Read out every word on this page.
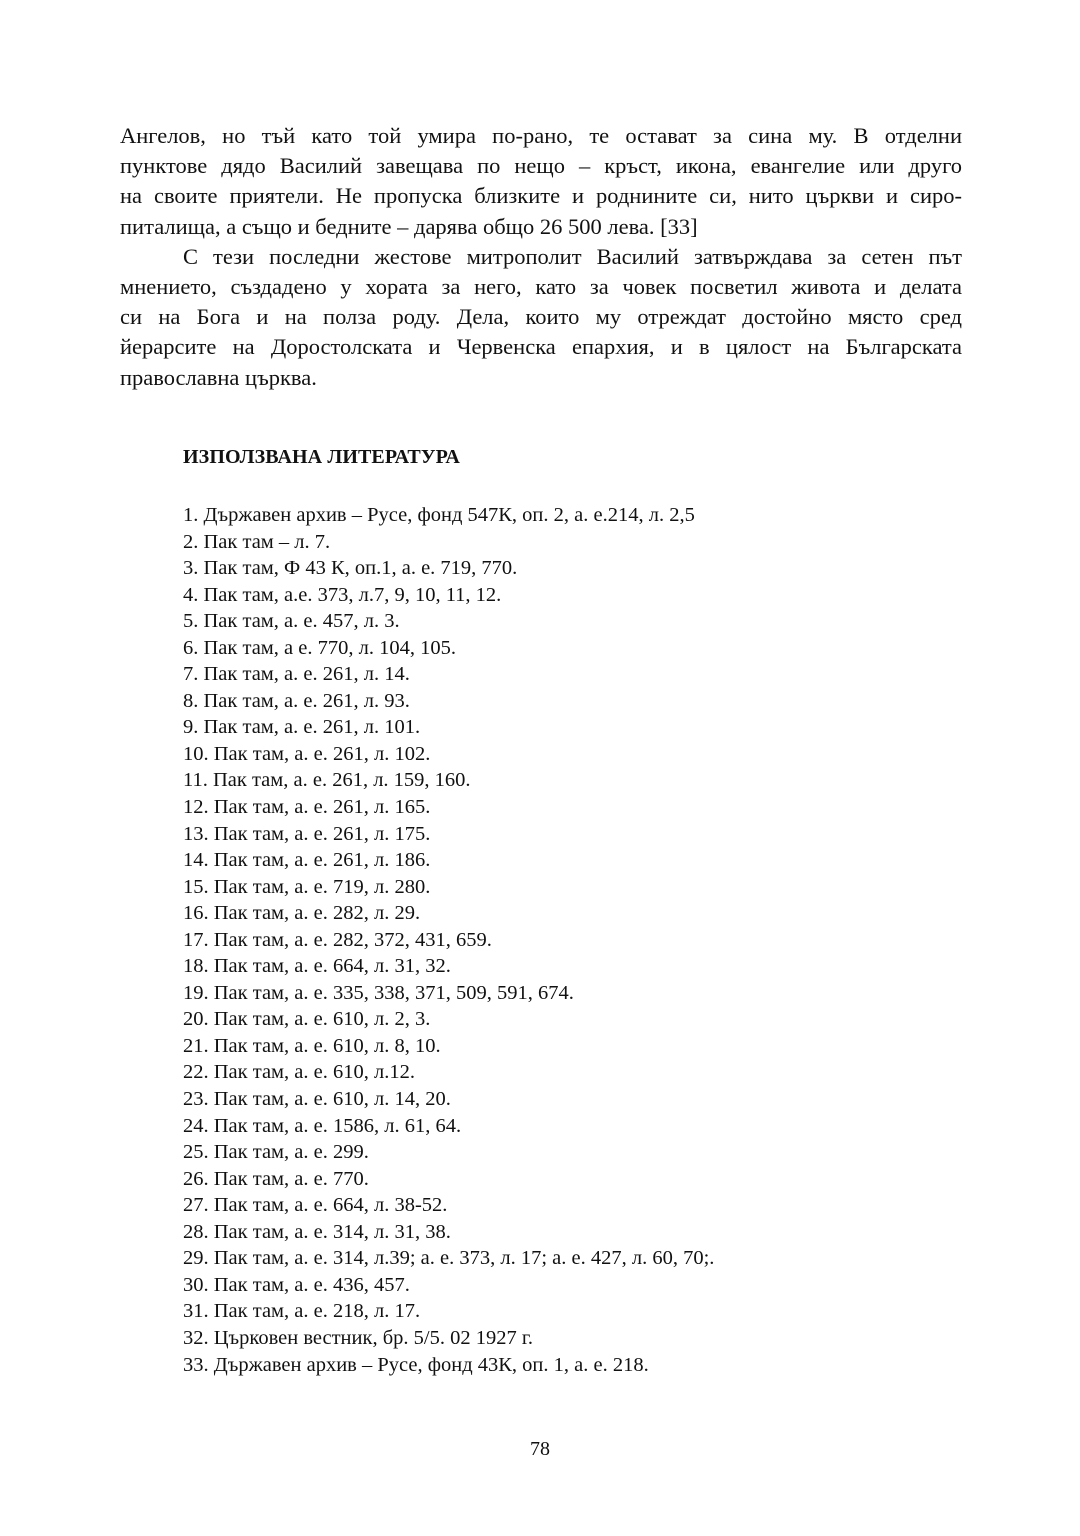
Ангелов, но тъй като той умира по-рано, те остават за сина му. В отделни
пунктове дядо Василий завещава по нещо – кръст, икона, евангелие или друго
на своите приятели. Не пропуска близките и роднините си, нито църкви и сиро-
питалища, а също и бедните – дарява общо 26 500 лева. [33]

С тези последни жестове митрополит Василий затвърждава за сетен път
мнението, създадено у хората за него, като за човек посветил живота и делата
си на Бога и на полза роду. Дела, които му отреждат достойно място сред
йерарсите на Доростолската и Червенска епархия, и в цялост на Българската
православна църква.

ИЗПОЛЗВАНА ЛИТЕРАТУРА
1. Държавен архив – Русе, фонд 547К, оп. 2, а. е.214, л. 2,5
2. Пак там – л. 7.
3. Пак там, Ф 43 К, оп.1, а. е. 719, 770.
4. Пак там, а.е. 373, л.7, 9, 10, 11, 12.
5. Пак там, а. е. 457, л. 3.
6. Пак там, а е. 770, л. 104, 105.
7. Пак там, а. е. 261, л. 14.
8. Пак там, а. е. 261, л. 93.
9. Пак там, а. е. 261, л. 101.
10. Пак там, а. е. 261, л. 102.
11. Пак там, а. е. 261, л. 159, 160.
12. Пак там, а. е. 261, л. 165.
13. Пак там, а. е. 261, л. 175.
14. Пак там, а. е. 261, л. 186.
15. Пак там, а. е. 719, л. 280.
16. Пак там, а. е. 282, л. 29.
17. Пак там, а. е. 282, 372, 431, 659.
18. Пак там, а. е. 664, л. 31, 32.
19. Пак там, а. е. 335, 338, 371, 509, 591, 674.
20. Пак там, а. е. 610, л. 2, 3.
21. Пак там, а. е. 610, л. 8, 10.
22. Пак там, а. е. 610, л.12.
23. Пак там, а. е. 610, л. 14, 20.
24. Пак там, а. е. 1586, л. 61, 64.
25. Пак там, а. е. 299.
26. Пак там, а. е. 770.
27. Пак там, а. е. 664, л. 38-52.
28. Пак там, а. е. 314, л. 31, 38.
29. Пак там, а. е. 314, л.39; а. е. 373, л. 17; а. е. 427, л. 60, 70;.
30. Пак там, а. е. 436, 457.
31. Пак там, а. е. 218, л. 17.
32. Църковен вестник, бр. 5/5. 02 1927 г.
33. Държавен архив – Русе, фонд 43К, оп. 1, а. е. 218.
78
